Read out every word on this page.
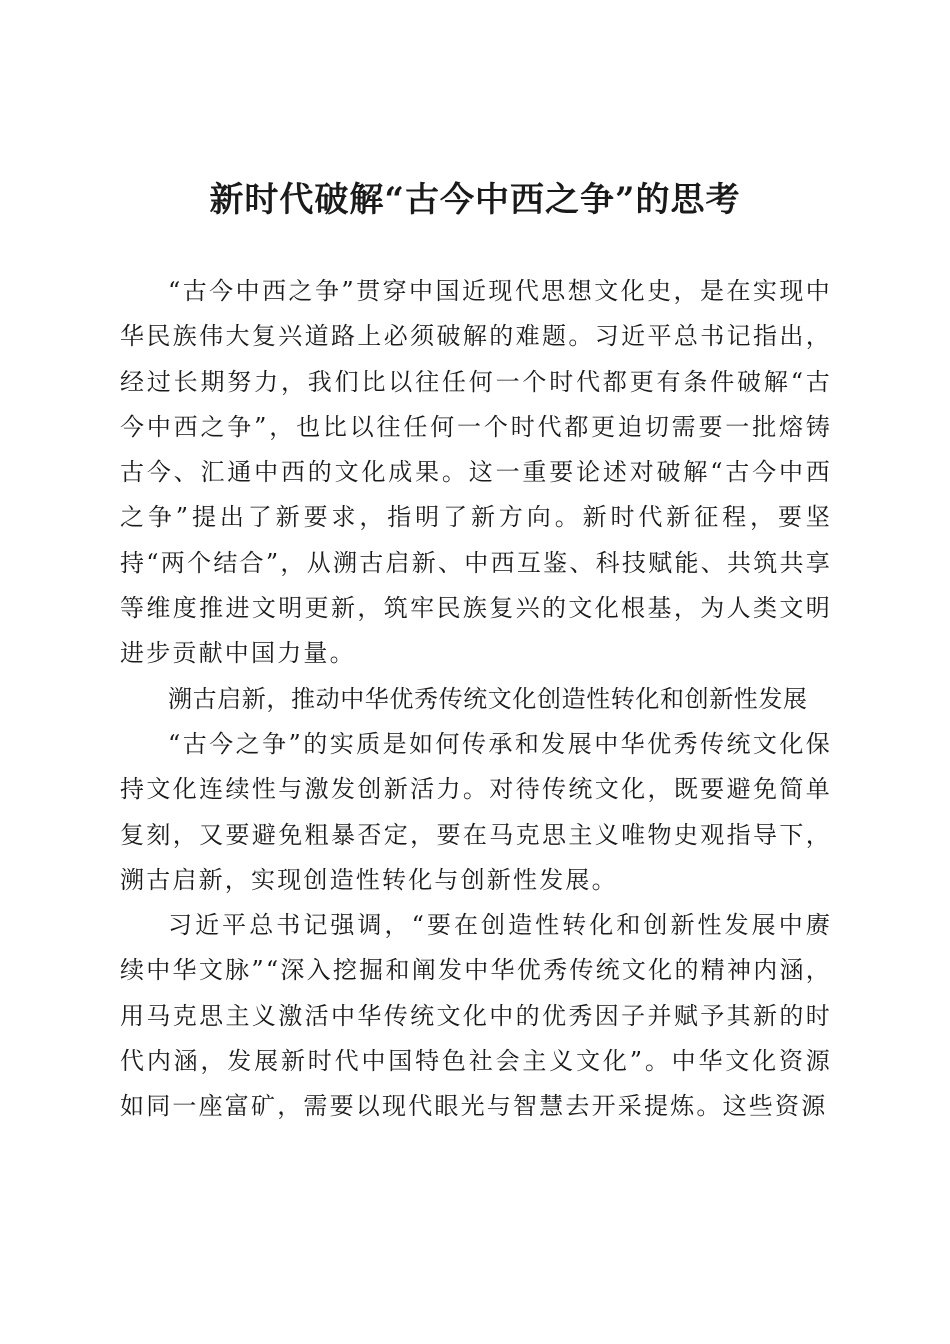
新时代破解“古今中西之争”的思考

“古今中西之争”贯穿中国近现代思想文化史，是在实现中华民族伟大复兴道路上必须破解的难题。习近平总书记指出，经过长期努力，我们比以往任何一个时代都更有条件破解“古今中西之争”，也比以往任何一个时代都更迫切需要一批熔铸古今、汇通中西的文化成果。这一重要论述对破解“古今中西之争”提出了新要求，指明了新方向。新时代新征程，要坚持“两个结合”，从溯古启新、中西互鉴、科技赋能、共筑共享等维度推进文明更新，筑牢民族复兴的文化根基，为人类文明进步贡献中国力量。

溯古启新，推动中华优秀传统文化创造性转化和创新性发展

“古今之争”的实质是如何传承和发展中华优秀传统文化保持文化连续性与激发创新活力。对待传统文化，既要避免简单复刻，又要避免粗暴否定，要在马克思主义唯物史观指导下，溯古启新，实现创造性转化与创新性发展。

习近平总书记强调，“要在创造性转化和创新性发展中赓续中华文脉”“深入挖掘和阐发中华优秀传统文化的精神内涵，用马克思主义激活中华传统文化中的优秀因子并赋予其新的时代内涵，发展新时代中国特色社会主义文化”。中华文化资源如同一座富矿，需要以现代眼光与智慧去开采提炼。这些资源
